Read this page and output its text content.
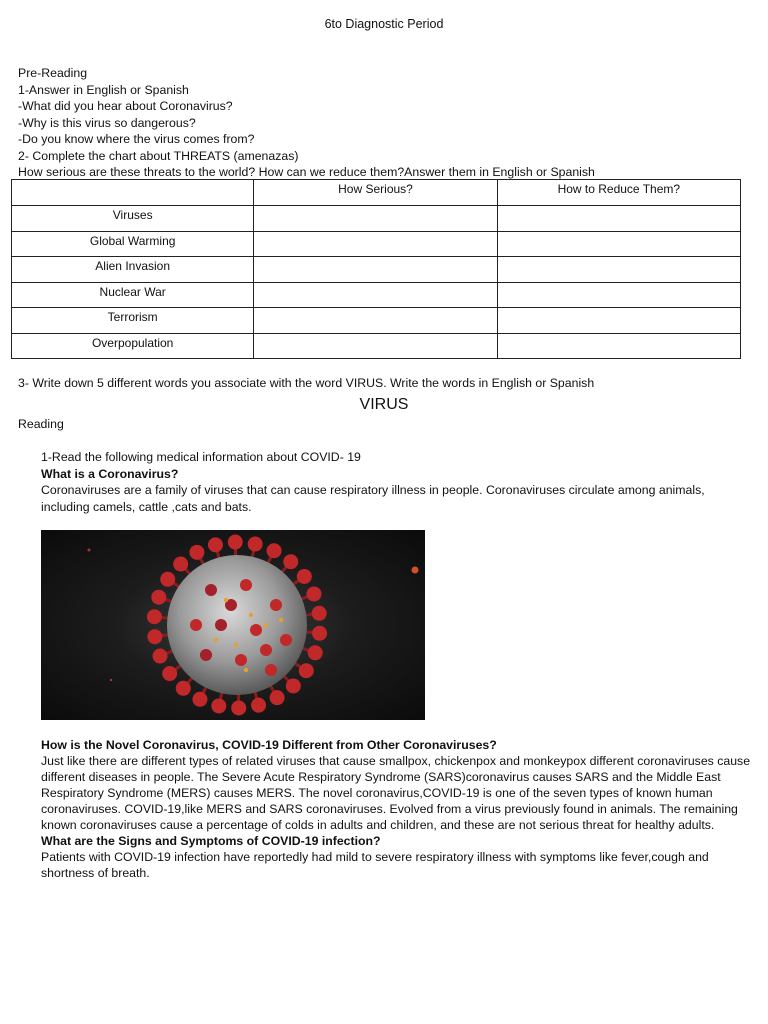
6to Diagnostic Period
Pre-Reading
1-Answer in English or Spanish
-What did you hear about Coronavirus?
-Why is this virus so dangerous?
-Do you know where the virus comes from?
2- Complete the chart about THREATS (amenazas)
How serious are these threats to the world? How can we reduce them?Answer them in English or Spanish
	How Serious?	How to Reduce Them?
Viruses		
Global Warming		
Alien Invasion		
Nuclear War		
Terrorism		
Overpopulation		
3- Write down 5 different words you associate with the word VIRUS. Write the words in English or Spanish
VIRUS
Reading
1-Read the following medical information about COVID- 19
What is a Coronavirus?
Coronaviruses are a family of viruses that can cause respiratory illness in people. Coronaviruses circulate among animals, including camels, cattle ,cats and bats.

How is the Novel Coronavirus, COVID-19 Different from Other Coronaviruses?

Just like there are different types of related viruses that cause smallpox, chickenpox and monkeypox different coronaviruses cause different diseases in people. The Severe Acute Respiratory Syndrome (SARS)coronavirus causes SARS and the Middle East Respiratory Syndrome (MERS) causes MERS. The novel coronavirus,COVID-19 is one of the seven types of known human coronaviruses. COVID-19,like MERS and SARS coronaviruses. Evolved from a virus previously found in animals. The remaining known coronaviruses cause a percentage of colds in adults and children, and these are not serious threat for healthy adults.

What are the Signs and Symptoms of COVID-19 infection?

Patients with COVID-19 infection have reportedly had mild to severe respiratory illness with symptoms like fever,cough and shortness of breath.
